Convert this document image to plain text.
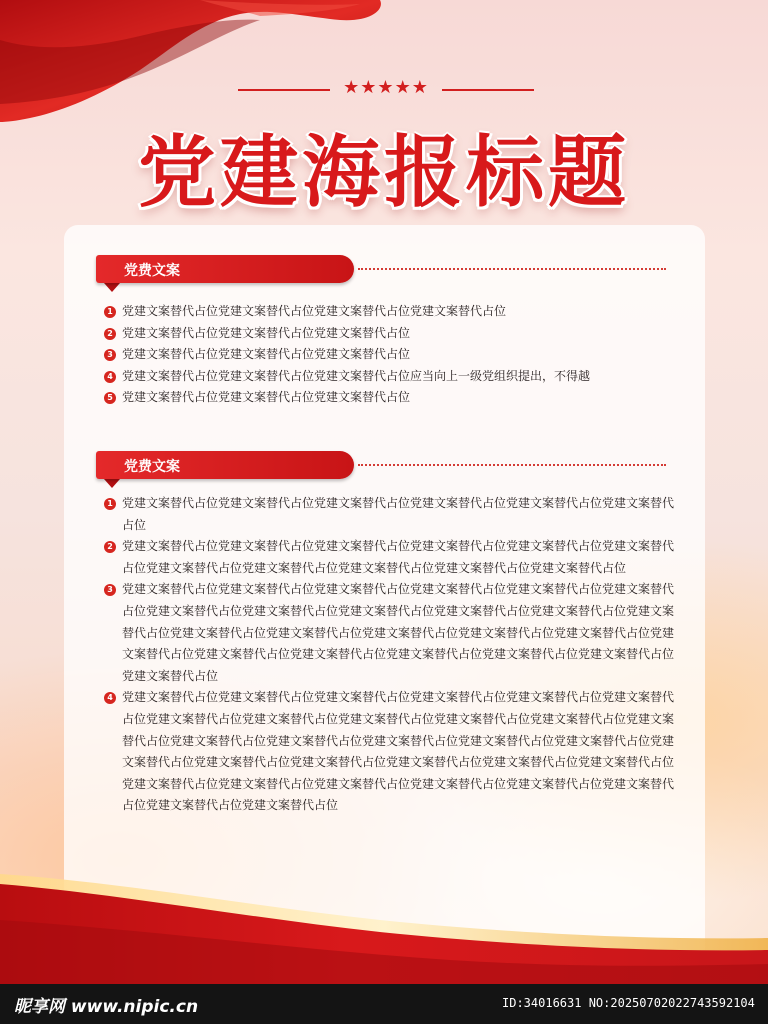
★★★★★
党建海报标题
党费文案
1 党建文案替代占位党建文案替代占位党建文案替代占位党建文案替代占位
2 党建文案替代占位党建文案替代占位党建文案替代占位
3 党建文案替代占位党建文案替代占位党建文案替代占位
4 党建文案替代占位党建文案替代占位党建文案替代占位应当向上一级党组织提出，不得越
5 党建文案替代占位党建文案替代占位党建文案替代占位
党费文案
1 党建文案替代占位党建文案替代占位党建文案替代占位党建文案替代占位党建文案替代占位党建文案替代占位
2 党建文案替代占位党建文案替代占位党建文案替代占位党建文案替代占位党建文案替代占位党建文案替代占位党建文案替代占位党建文案替代占位党建文案替代占位党建文案替代占位党建文案替代占位
3 党建文案替代占位党建文案替代占位党建文案替代占位党建文案替代占位党建文案替代占位党建文案替代占位党建文案替代占位党建文案替代占位党建文案替代占位党建文案替代占位党建文案替代占位党建文案替代占位党建文案替代占位党建文案替代占位党建文案替代占位党建文案替代占位党建文案替代占位党建文案替代占位党建文案替代占位党建文案替代占位党建文案替代占位党建文案替代占位党建文案替代占位党建文案替代占位
4 党建文案替代占位党建文案替代占位党建文案替代占位党建文案替代占位党建文案替代占位党建文案替代占位党建文案替代占位党建文案替代占位党建文案替代占位党建文案替代占位党建文案替代占位党建文案替代占位党建文案替代占位党建文案替代占位党建文案替代占位党建文案替代占位党建文案替代占位党建文案替代占位党建文案替代占位党建文案替代占位党建文案替代占位党建文案替代占位党建文案替代占位党建文案替代占位党建文案替代占位党建文案替代占位党建文案替代占位党建文案替代占位党建文案替代占位党建文案替代占位党建文案替代占位
昵享网 www.nipic.cn	ID:34016631 NO:20250702022743592104
